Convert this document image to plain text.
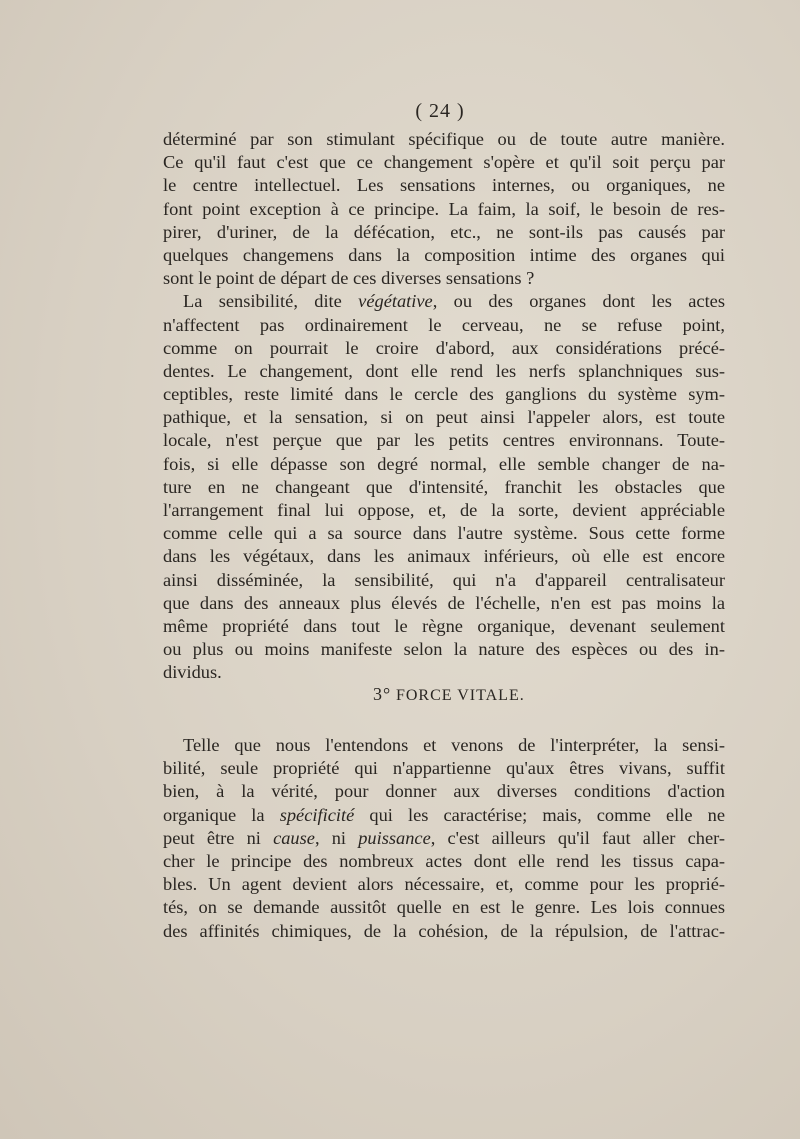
( 24 )
déterminé par son stimulant spécifique ou de toute autre manière.
Ce qu'il faut c'est que ce changement s'opère et qu'il soit perçu par
le centre intellectuel. Les sensations internes, ou organiques, ne
font point exception à ce principe. La faim, la soif, le besoin de res-
pirer, d'uriner, de la défécation, etc., ne sont-ils pas causés par
quelques changemens dans la composition intime des organes qui
sont le point de départ de ces diverses sensations ?
La sensibilité, dite végétative, ou des organes dont les actes
n'affectent pas ordinairement le cerveau, ne se refuse point,
comme on pourrait le croire d'abord, aux considérations précé-
dentes. Le changement, dont elle rend les nerfs splanchniques sus-
ceptibles, reste limité dans le cercle des ganglions du système sym-
pathique, et la sensation, si on peut ainsi l'appeler alors, est toute
locale, n'est perçue que par les petits centres environnans. Toute-
fois, si elle dépasse son degré normal, elle semble changer de na-
ture en ne changeant que d'intensité, franchit les obstacles que
l'arrangement final lui oppose, et, de la sorte, devient appréciable
comme celle qui a sa source dans l'autre système. Sous cette forme
dans les végétaux, dans les animaux inférieurs, où elle est encore
ainsi disséminée, la sensibilité, qui n'a d'appareil centralisateur
que dans des anneaux plus élevés de l'échelle, n'en est pas moins la
même propriété dans tout le règne organique, devenant seulement
ou plus ou moins manifeste selon la nature des espèces ou des in-
dividus.
3° FORCE VITALE.
Telle que nous l'entendons et venons de l'interpréter, la sensi-
bilité, seule propriété qui n'appartienne qu'aux êtres vivans, suffit
bien, à la vérité, pour donner aux diverses conditions d'action
organique la spécificité qui les caractérise; mais, comme elle ne
peut être ni cause, ni puissance, c'est ailleurs qu'il faut aller cher-
cher le principe des nombreux actes dont elle rend les tissus capa-
bles. Un agent devient alors nécessaire, et, comme pour les proprié-
tés, on se demande aussitôt quelle en est le genre. Les lois connues
des affinités chimiques, de la cohésion, de la répulsion, de l'attrac-
